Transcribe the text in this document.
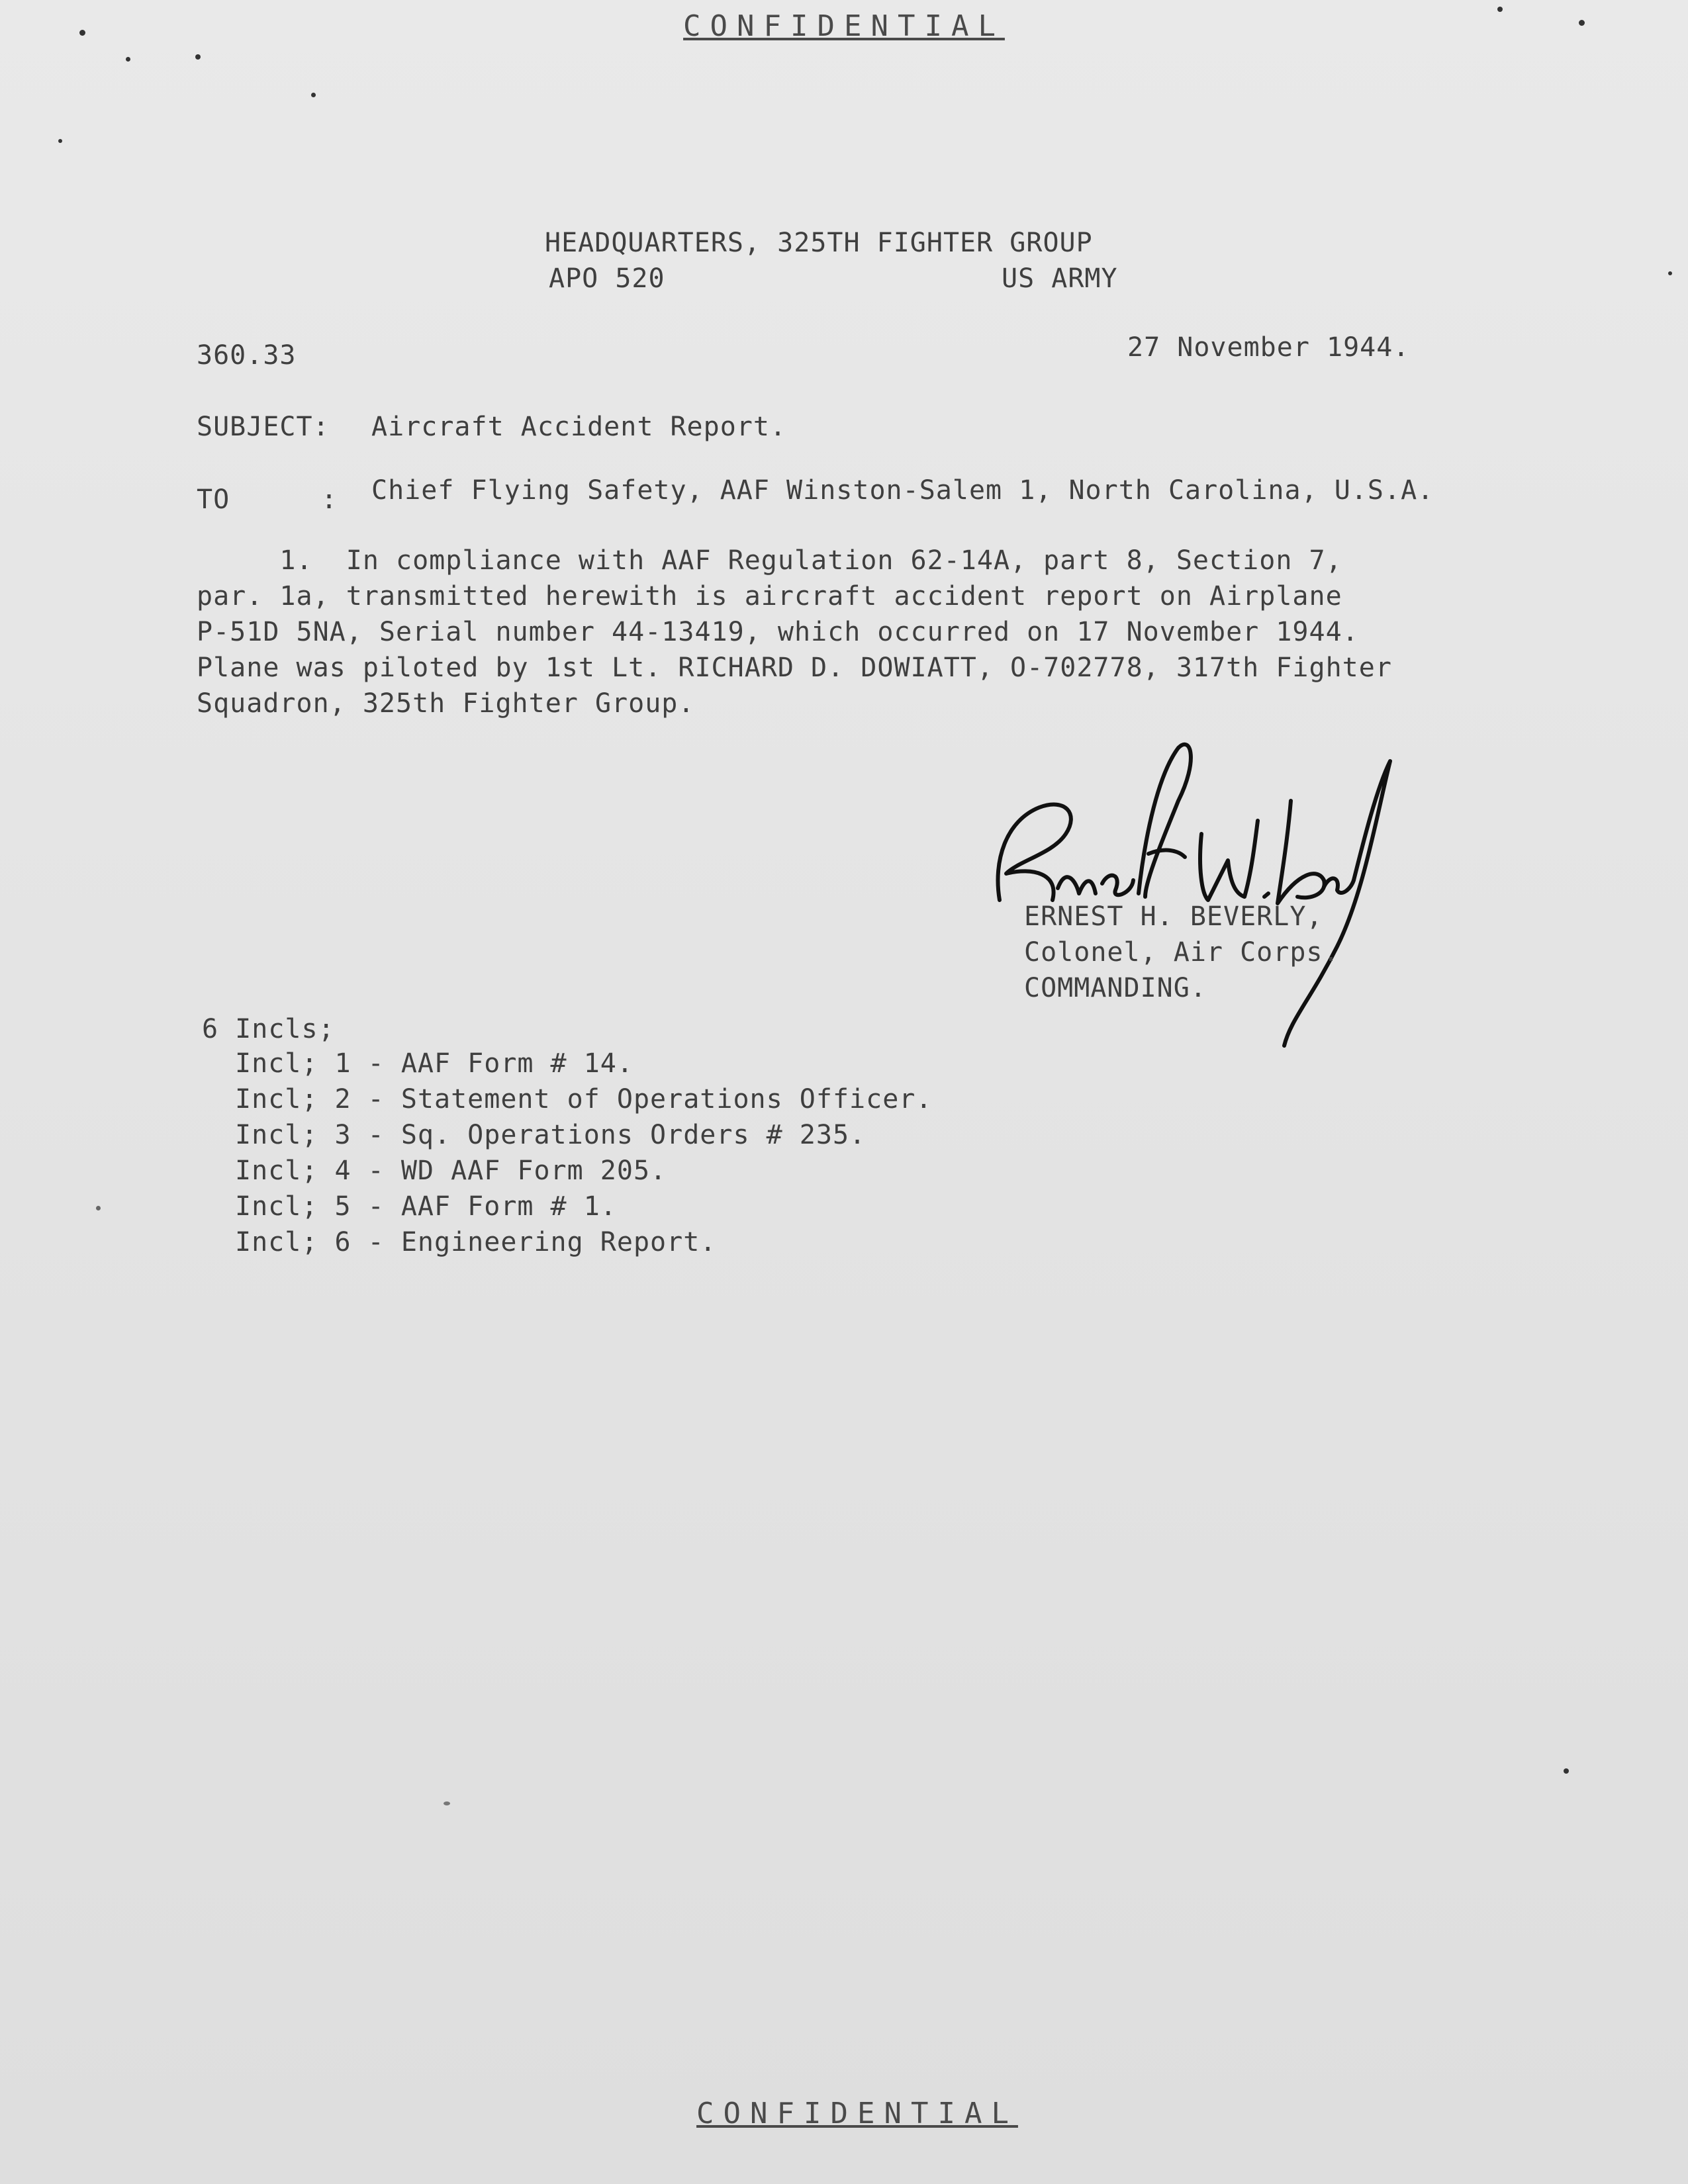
CONFIDENTIAL
HEADQUARTERS, 325TH FIGHTER GROUP
APO 520	US ARMY
360.33	27 November 1944.
SUBJECT: Aircraft Accident Report.
TO	: Chief Flying Safety, AAF Winston-Salem 1, North Carolina, U.S.A.
1.  In compliance with AAF Regulation 62-14A, part 8, Section 7,
par. 1a, transmitted herewith is aircraft accident report on Airplane
P-51D 5NA, Serial number 44-13419, which occurred on 17 November 1944.
Plane was piloted by 1st Lt. RICHARD D. DOWIATT, O-702778, 317th Fighter
Squadron, 325th Fighter Group.
ERNEST H. BEVERLY,
Colonel, Air Corps.
COMMANDING.
6 Incls;
Incl; 1 - AAF Form # 14.
Incl; 2 - Statement of Operations Officer.
Incl; 3 - Sq. Operations Orders # 235.
Incl; 4 - WD AAF Form 205.
Incl; 5 - AAF Form # 1.
Incl; 6 - Engineering Report.
CONFIDENTIAL
